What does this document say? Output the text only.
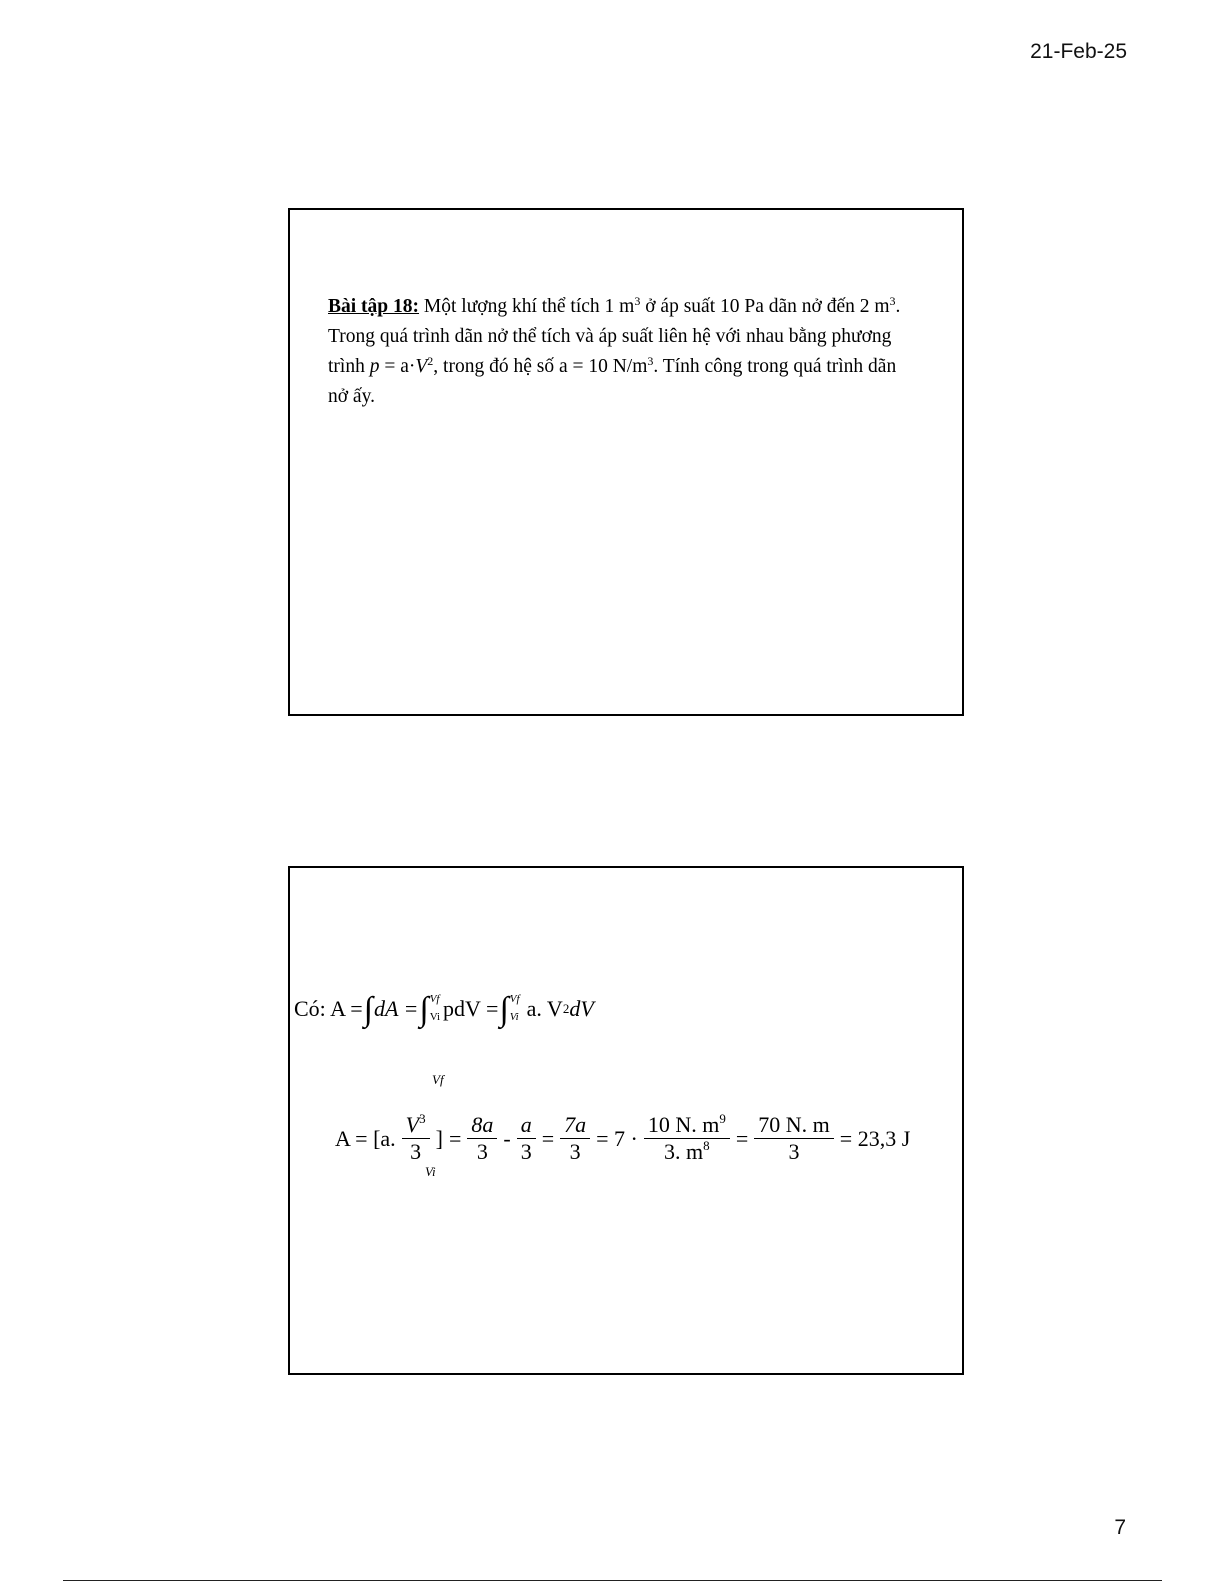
21-Feb-25
Bài tập 18: Một lượng khí thể tích 1 $m^3$ ở áp suất 10 Pa dãn nở đến 2 $m^3$. Trong quá trình dãn nở thể tích và áp suất liên hệ với nhau bằng phương trình $p = a\cdot V^2$, trong đó hệ số a = 10 $N/m^3$. Tính công trong quá trình dãn nở ấy.
Có: A = ∫ dA = ∫ Vf
Vi pdV = ∫ Vf
Vi a. V 2 dV
Vf
Vi
A = [a. $\frac{V^3}{3}$ ] = $\frac{8a}{3} - \frac{a}{3} = \frac{7a}{3} = 7 \cdot \frac{10 N. m^9}{3. m^8} = \frac{70 N. m}{3} = 23,3$ J
7
